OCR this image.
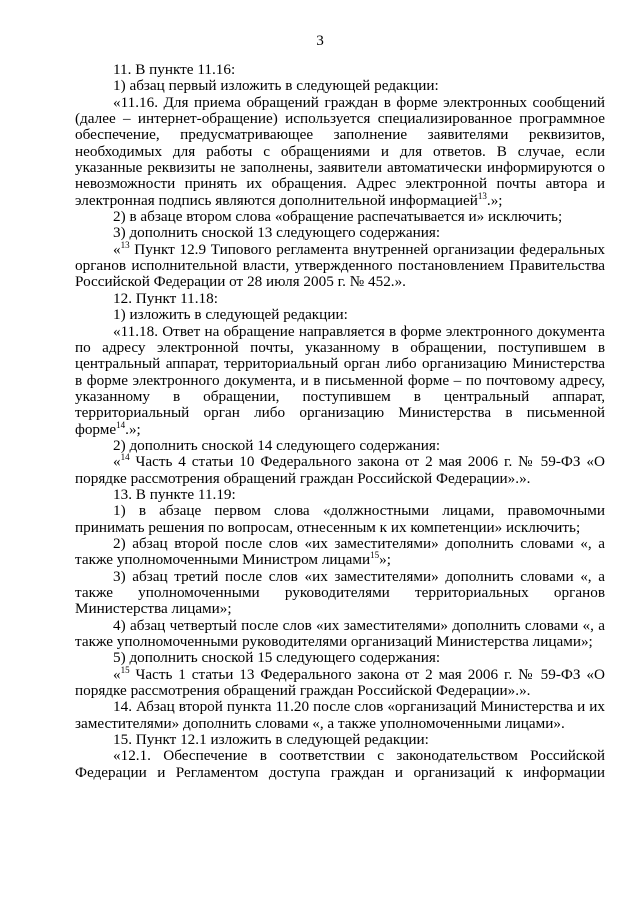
3

11. В пункте 11.16:

1) абзац первый изложить в следующей редакции:

«11.16. Для приема обращений граждан в форме электронных сообщений (далее – интернет-обращение) используется специализированное программное обеспечение, предусматривающее заполнение заявителями реквизитов, необходимых для работы с обращениями и для ответов. В случае, если указанные реквизиты не заполнены, заявители автоматически информируются о невозможности принять их обращения. Адрес электронной почты автора и электронная подпись являются дополнительной информацией$^{13}$.»;

2) в абзаце втором слова «обращение распечатывается и» исключить;

3) дополнить сноской 13 следующего содержания:

«$^{13}$ Пункт 12.9 Типового регламента внутренней организации федеральных органов исполнительной власти, утвержденного постановлением Правительства Российской Федерации от 28 июля 2005 г. № 452.».

12. Пункт 11.18:

1) изложить в следующей редакции:

«11.18. Ответ на обращение направляется в форме электронного документа по адресу электронной почты, указанному в обращении, поступившем в центральный аппарат, территориальный орган либо организацию Министерства в форме электронного документа, и в письменной форме – по почтовому адресу, указанному в обращении, поступившем в центральный аппарат, территориальный орган либо организацию Министерства в письменной форме$^{14}$.»;

2) дополнить сноской 14 следующего содержания:

«$^{14}$ Часть 4 статьи 10 Федерального закона от 2 мая 2006 г. № 59-ФЗ «О порядке рассмотрения обращений граждан Российской Федерации».».

13. В пункте 11.19:

1) в абзаце первом слова «должностными лицами, правомочными принимать решения по вопросам, отнесенным к их компетенции» исключить;

2) абзац второй после слов «их заместителями» дополнить словами «, а также уполномоченными Министром лицами$^{15}$»;

3) абзац третий после слов «их заместителями» дополнить словами «, а также уполномоченными руководителями территориальных органов Министерства лицами»;

4) абзац четвертый после слов «их заместителями» дополнить словами «, а также уполномоченными руководителями организаций Министерства лицами»;

5) дополнить сноской 15 следующего содержания:

«$^{15}$ Часть 1 статьи 13 Федерального закона от 2 мая 2006 г. № 59-ФЗ «О порядке рассмотрения обращений граждан Российской Федерации».».

14. Абзац второй пункта 11.20 после слов «организаций Министерства и их заместителями» дополнить словами «, а также уполномоченными лицами».

15. Пункт 12.1 изложить в следующей редакции:

«12.1. Обеспечение в соответствии с законодательством Российской Федерации и Регламентом доступа граждан и организаций к информации
